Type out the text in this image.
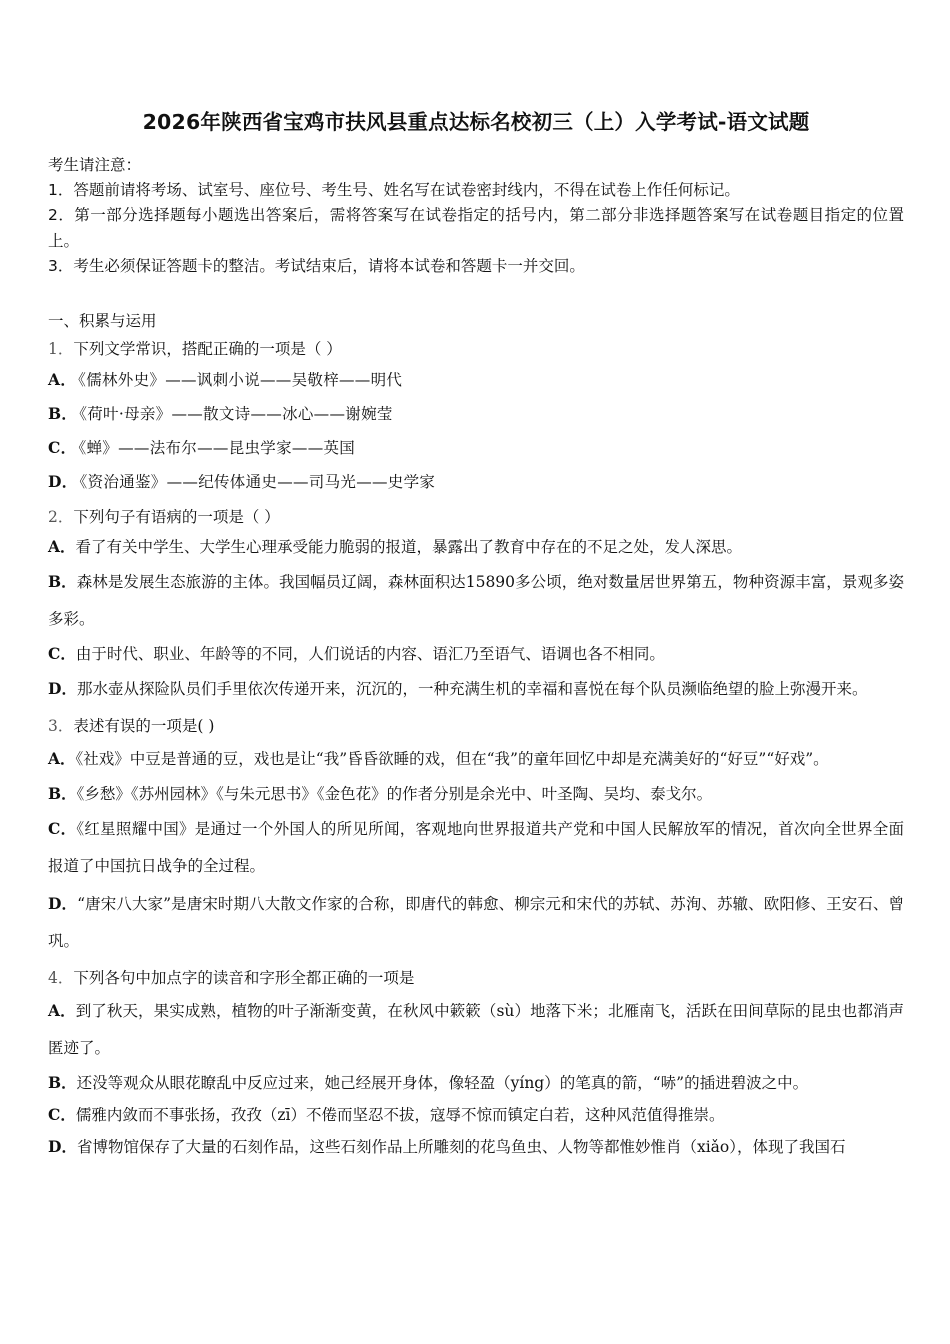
2026年陕西省宝鸡市扶风县重点达标名校初三（上）入学考试-语文试题
考生请注意：
1．答题前请将考场、试室号、座位号、考生号、姓名写在试卷密封线内，不得在试卷上作任何标记。
2．第一部分选择题每小题选出答案后，需将答案写在试卷指定的括号内，第二部分非选择题答案写在试卷题目指定的位置上。
3．考生必须保证答题卡的整洁。考试结束后，请将本试卷和答题卡一并交回。
一、积累与运用
1．下列文学常识，搭配正确的一项是（ ）
A． 《儒林外史》——讽刺小说——吴敬梓——明代
B． 《荷叶·母亲》——散文诗——冰心——谢婉莹
C． 《蝉》——法布尔——昆虫学家——英国
D． 《资治通鉴》——纪传体通史——司马光——史学家
2．下列句子有语病的一项是（ ）
A．看了有关中学生、大学生心理承受能力脆弱的报道，暴露出了教育中存在的不足之处，发人深思。
B．森林是发展生态旅游的主体。我国幅员辽阔，森林面积达15890多公顷，绝对数量居世界第五，物种资源丰富，景观多姿多彩。
C．由于时代、职业、年龄等的不同，人们说话的内容、语汇乃至语气、语调也各不相同。
D．那水壶从探险队员们手里依次传递开来，沉沉的，一种充满生机的幸福和喜悦在每个队员濒临绝望的脸上弥漫开来。
3．表述有误的一项是( )
A．《社戏》中豆是普通的豆，戏也是让“我”昏昏欲睡的戏，但在“我”的童年回忆中却是充满美好的“好豆”“好戏”。
B．《乡愁》《苏州园林》《与朱元思书》《金色花》的作者分别是余光中、叶圣陶、吴均、泰戈尔。
C．《红星照耀中国》是通过一个外国人的所见所闻，客观地向世界报道共产党和中国人民解放军的情况，首次向全世界全面报道了中国抗日战争的全过程。
D．“唐宋八大家”是唐宋时期八大散文作家的合称，即唐代的韩愈、柳宗元和宋代的苏轼、苏洵、苏辙、欧阳修、王安石、曾巩。
4．下列各句中加点字的读音和字形全都正确的一项是
A．到了秋天，果实成熟，植物的叶子渐渐变黄，在秋风中簌簌（sù）地落下米；北雁南飞，活跃在田间草际的昆虫也都消声匿迹了。
B．还没等观众从眼花瞭乱中反应过来，她己经展开身体，像轻盈（yíng）的笔真的箭，“哧”的插进碧波之中。
C．儒雅内敛而不事张扬，孜孜（zī）不倦而坚忍不拔，寇辱不惊而镇定白若，这种风范值得推崇。
D．省博物馆保存了大量的石刻作品，这些石刻作品上所雕刻的花鸟鱼虫、人物等都惟妙惟肖（xiǎo），体现了我国石
